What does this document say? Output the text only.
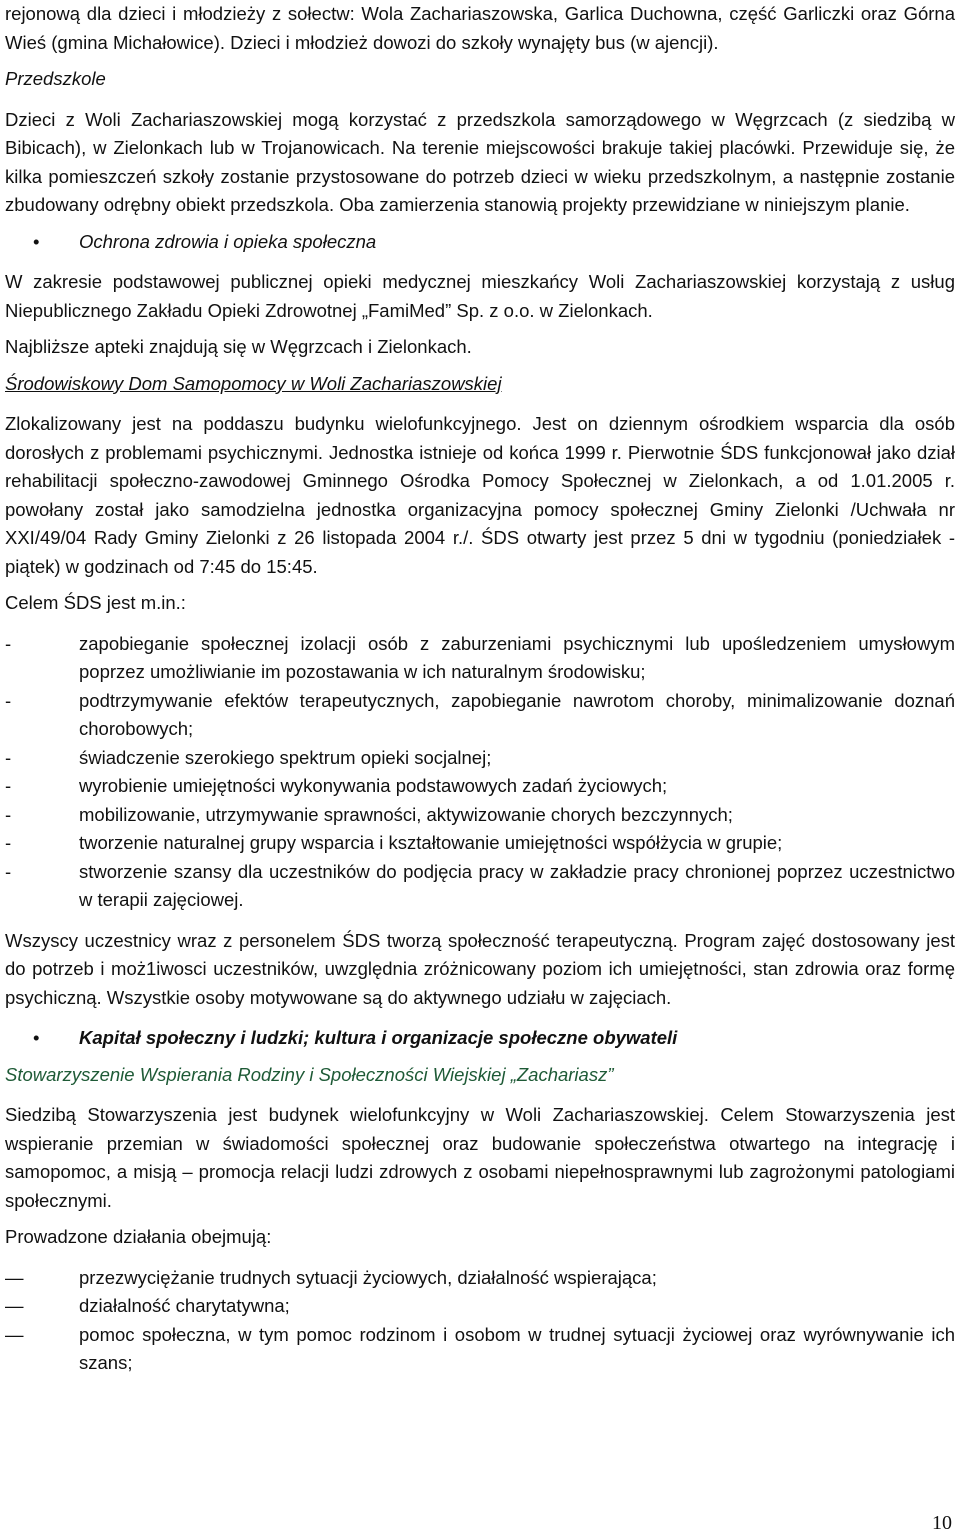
rejonową dla dzieci i młodzieży z sołectw: Wola Zachariaszowska, Garlica Duchowna, część Garliczki oraz Górna Wieś (gmina Michałowice). Dzieci i młodzież dowozi do szkoły wynajęty bus (w ajencji).

Przedszkole

Dzieci z Woli Zachariaszowskiej mogą korzystać z przedszkola samorządowego w Węgrzcach (z siedzibą w Bibicach), w Zielonkach lub w Trojanowicach. Na terenie miejscowości brakuje takiej placówki. Przewiduje się, że kilka pomieszczeń szkoły zostanie przystosowane do potrzeb dzieci w wieku przedszkolnym, a następnie zostanie zbudowany odrębny obiekt przedszkola. Oba zamierzenia stanowią projekty przewidziane w niniejszym planie.

•	Ochrona zdrowia i opieka społeczna

W zakresie podstawowej publicznej opieki medycznej mieszkańcy Woli Zachariaszowskiej korzystają z usług Niepublicznego Zakładu Opieki Zdrowotnej „FamiMed” Sp. z o.o. w Zielonkach.

Najbliższe apteki znajdują się w Węgrzcach i Zielonkach.

Środowiskowy Dom Samopomocy w Woli Zachariaszowskiej

Zlokalizowany jest na poddaszu budynku wielofunkcyjnego. Jest on dziennym ośrodkiem wsparcia dla osób dorosłych z problemami psychicznymi. Jednostka istnieje od końca 1999 r. Pierwotnie ŚDS funkcjonował jako dział rehabilitacji społeczno-zawodowej Gminnego Ośrodka Pomocy Społecznej w Zielonkach, a od 1.01.2005 r. powołany został jako samodzielna jednostka organizacyjna pomocy społecznej Gminy Zielonki /Uchwała nr XXI/49/04 Rady Gminy Zielonki z 26 listopada 2004 r./. ŚDS otwarty jest przez 5 dni w tygodniu (poniedziałek - piątek) w godzinach od 7:45 do 15:45.

Celem ŚDS jest m.in.:

-	zapobieganie społecznej izolacji osób z zaburzeniami psychicznymi lub upośledzeniem umysłowym poprzez umożliwianie im pozostawania w ich naturalnym środowisku;

-	podtrzymywanie efektów terapeutycznych, zapobieganie nawrotom choroby, minimalizowanie doznań chorobowych;

-	świadczenie szerokiego spektrum opieki socjalnej;

-	wyrobienie umiejętności wykonywania podstawowych zadań życiowych;

-	mobilizowanie, utrzymywanie sprawności, aktywizowanie chorych bezczynnych;

-	tworzenie naturalnej grupy wsparcia i kształtowanie umiejętności współżycia w grupie;

-	stworzenie szansy dla uczestników do podjęcia pracy w zakładzie pracy chronionej poprzez uczestnictwo w terapii zajęciowej.

Wszyscy uczestnicy wraz z personelem ŚDS tworzą społeczność terapeutyczną. Program zajęć dostosowany jest do potrzeb i moż1iwosci uczestników, uwzględnia zróżnicowany poziom ich umiejętności, stan zdrowia oraz formę psychiczną. Wszystkie osoby motywowane są do aktywnego udziału w zajęciach.

•	Kapitał społeczny i ludzki; kultura i organizacje społeczne obywateli

Stowarzyszenie Wspierania Rodziny i Społeczności Wiejskiej „Zachariasz”

Siedzibą Stowarzyszenia jest budynek wielofunkcyjny w Woli Zachariaszowskiej. Celem Stowarzyszenia jest wspieranie przemian w świadomości społecznej oraz budowanie społeczeństwa otwartego na integrację i samopomoc, a misją – promocja relacji ludzi zdrowych z osobami niepełnosprawnymi lub zagrożonymi patologiami społecznymi.

Prowadzone działania obejmują:

—	przezwyciężanie trudnych sytuacji życiowych, działalność wspierająca;

—	działalność charytatywna;

—	pomoc społeczna, w tym pomoc rodzinom i osobom w trudnej sytuacji życiowej oraz wyrównywanie ich szans;

10
